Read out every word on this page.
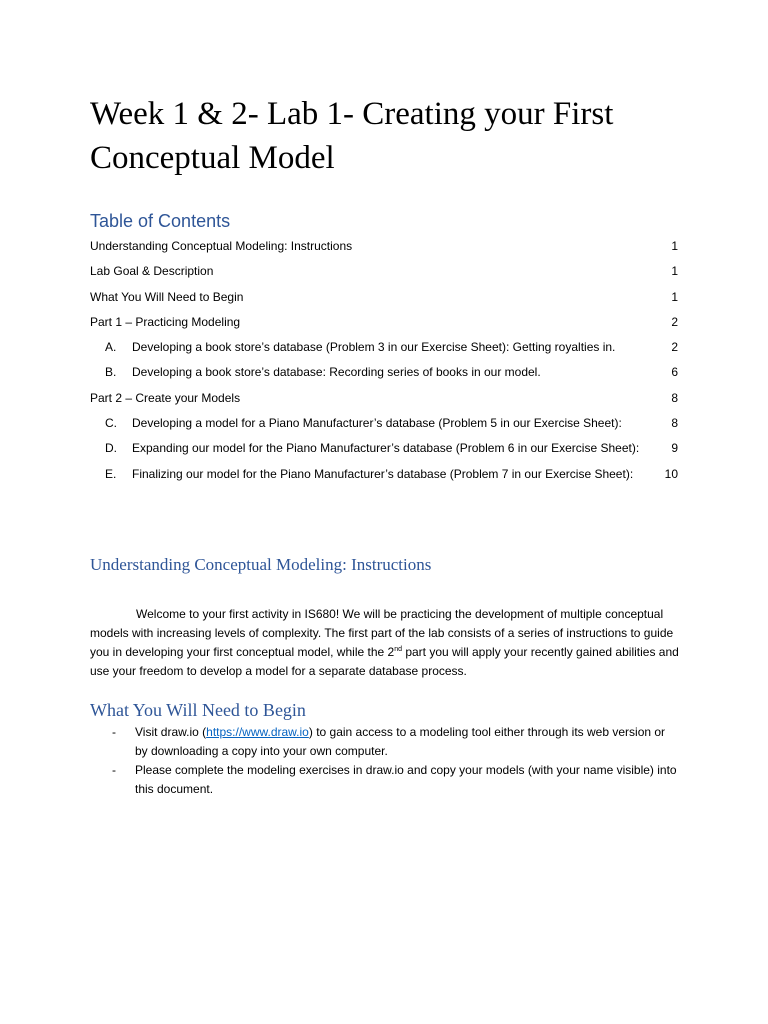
Week 1 & 2- Lab 1- Creating your First Conceptual Model
Table of Contents
Understanding Conceptual Modeling: Instructions	1
Lab Goal & Description	1
What You Will Need to Begin	1
Part 1 – Practicing Modeling	2
A. Developing a book store’s database (Problem 3 in our Exercise Sheet): Getting royalties in.	2
B. Developing a book store’s database: Recording series of books in our model.	6
Part 2 – Create your Models	8
C. Developing a model for a Piano Manufacturer’s database (Problem 5 in our Exercise Sheet):	8
D. Expanding our model for the Piano Manufacturer’s database (Problem 6 in our Exercise Sheet):	9
E. Finalizing our model for the Piano Manufacturer’s database (Problem 7 in our Exercise Sheet):	10
Understanding Conceptual Modeling: Instructions

Welcome to your first activity in IS680! We will be practicing the development of multiple conceptual models with increasing levels of complexity. The first part of the lab consists of a series of instructions to guide you in developing your first conceptual model, while the 2nd part you will apply your recently gained abilities and use your freedom to develop a model for a separate database process.

What You Will Need to Begin
- Visit draw.io (https://www.draw.io) to gain access to a modeling tool either through its web version or by downloading a copy into your own computer.
- Please complete the modeling exercises in draw.io and copy your models (with your name visible) into this document.
